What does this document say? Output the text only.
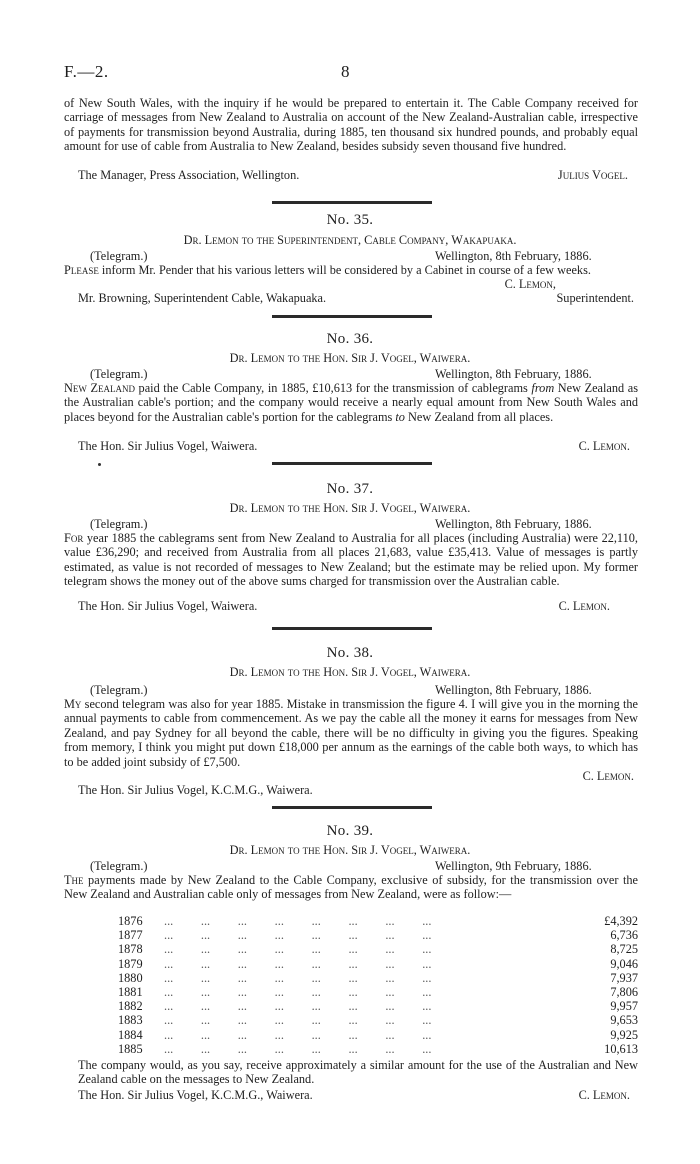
F.—2.	8

of New South Wales, with the inquiry if he would be prepared to entertain it. The Cable Company received for carriage of messages from New Zealand to Australia on account of the New Zealand-Australian cable, irrespective of payments for transmission beyond Australia, during 1885, ten thousand six hundred pounds, and probably equal amount for use of cable from Australia to New Zealand, besides subsidy seven thousand five hundred.

The Manager, Press Association, Wellington.	Julius Vogel.
No. 35.
Dr. Lemon to the Superintendent, Cable Company, Wakapuaka.
(Telegram.)	Wellington, 8th February, 1886.

Please inform Mr. Pender that his various letters will be considered by a Cabinet in course of a few weeks.

C. Lemon,
Mr. Browning, Superintendent Cable, Wakapuaka.	Superintendent.
No. 36.
Dr. Lemon to the Hon. Sir J. Vogel, Waiwera.
(Telegram.)	Wellington, 8th February, 1886.

New Zealand paid the Cable Company, in 1885, £10,613 for the transmission of cablegrams from New Zealand as the Australian cable's portion; and the company would receive a nearly equal amount from New South Wales and places beyond for the Australian cable's portion for the cablegrams to New Zealand from all places.

The Hon. Sir Julius Vogel, Waiwera.	C. Lemon.
No. 37.
Dr. Lemon to the Hon. Sir J. Vogel, Waiwera.
(Telegram.)	Wellington, 8th February, 1886.

For year 1885 the cablegrams sent from New Zealand to Australia for all places (including Australia) were 22,110, value £36,290; and received from Australia from all places 21,683, value £35,413. Value of messages is partly estimated, as value is not recorded of messages to New Zealand; but the estimate may be relied upon. My former telegram shows the money out of the above sums charged for transmission over the Australian cable.

The Hon. Sir Julius Vogel, Waiwera.	C. Lemon.
No. 38.
Dr. Lemon to the Hon. Sir J. Vogel, Waiwera.
(Telegram.)	Wellington, 8th February, 1886.

My second telegram was also for year 1885. Mistake in transmission the figure 4. I will give you in the morning the annual payments to cable from commencement. As we pay the cable all the money it earns for messages from New Zealand, and pay Sydney for all beyond the cable, there will be no difficulty in giving you the figures. Speaking from memory, I think you might put down £18,000 per annum as the earnings of the cable both ways, to which has to be added joint subsidy of £7,500.

C. Lemon.
The Hon. Sir Julius Vogel, K.C.M.G., Waiwera.
No. 39.
Dr. Lemon to the Hon. Sir J. Vogel, Waiwera.
(Telegram.)	Wellington, 9th February, 1886.

The payments made by New Zealand to the Cable Company, exclusive of subsidy, for the transmission over the New Zealand and Australian cable only of messages from New Zealand, were as follow:—

1876 ...         ...         ...         ...         ...         ...         ...         ...	£4,392
1877 ...         ...         ...         ...         ...         ...         ...         ...	6,736
1878 ...         ...         ...         ...         ...         ...         ...         ...	8,725
1879 ...         ...         ...         ...         ...         ...         ...         ...	9,046
1880 ...         ...         ...         ...         ...         ...         ...         ...	7,937
1881 ...         ...         ...         ...         ...         ...         ...         ...	7,806
1882 ...         ...         ...         ...         ...         ...         ...         ...	9,957
1883 ...         ...         ...         ...         ...         ...         ...         ...	9,653
1884 ...         ...         ...         ...         ...         ...         ...         ...	9,925
1885 ...         ...         ...         ...         ...         ...         ...         ...	10,613

The company would, as you say, receive approximately a similar amount for the use of the Australian and New Zealand cable on the messages to New Zealand.

The Hon. Sir Julius Vogel, K.C.M.G., Waiwera.	C. Lemon.
